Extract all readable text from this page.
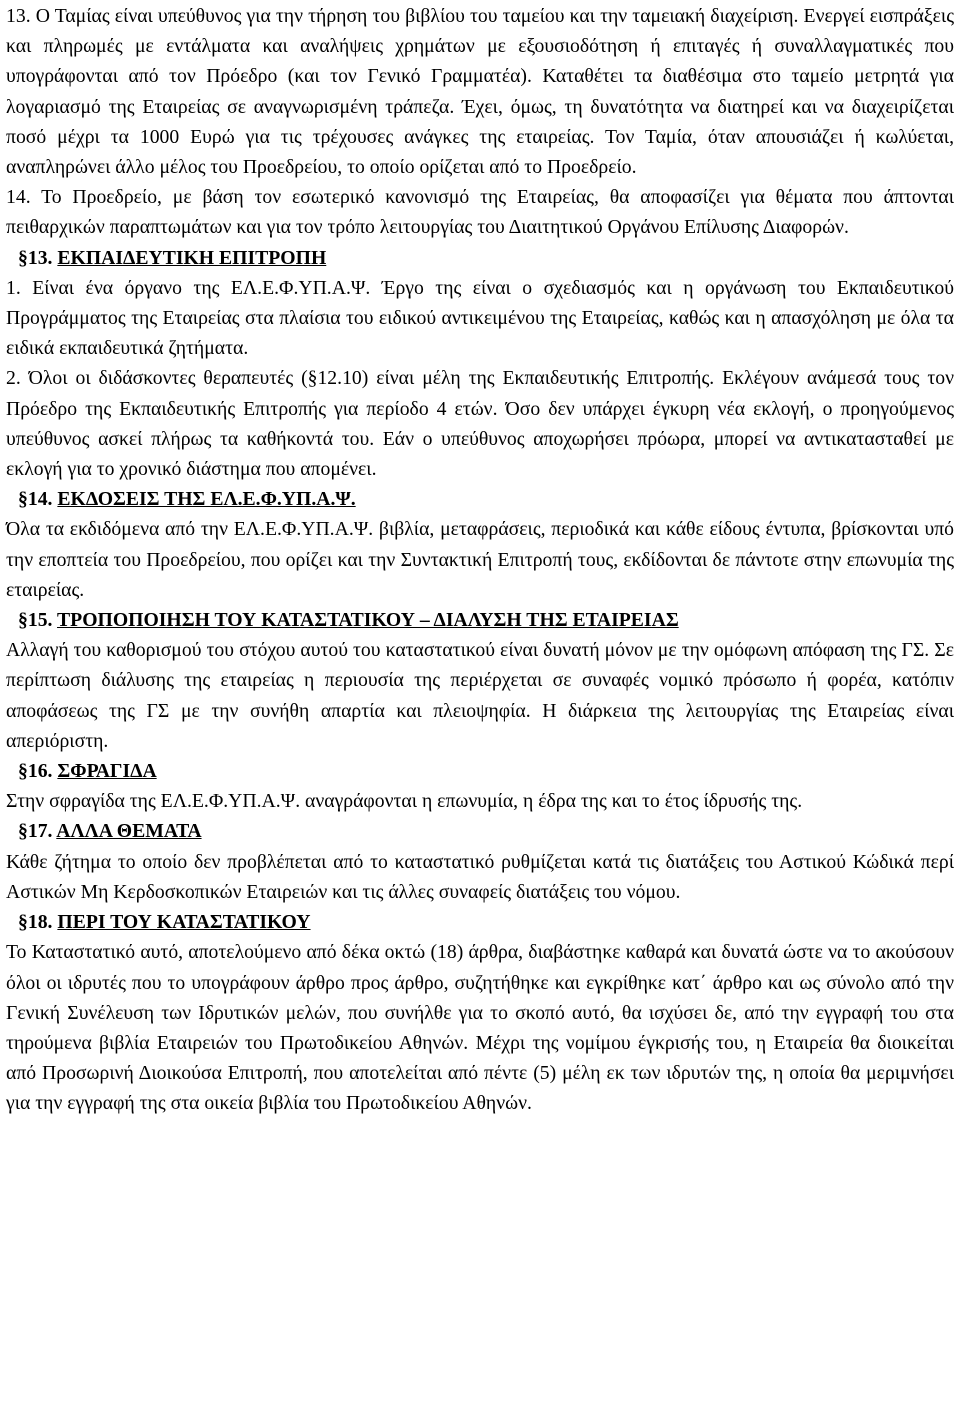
13. Ο Ταμίας είναι υπεύθυνος για την τήρηση του βιβλίου του ταμείου και την ταμειακή διαχείριση. Ενεργεί εισπράξεις και πληρωμές με εντάλματα και αναλήψεις χρημάτων με εξουσιοδότηση ή επιταγές ή συναλλαγματικές που υπογράφονται από τον Πρόεδρο (και τον Γενικό Γραμματέα). Καταθέτει τα διαθέσιμα στο ταμείο μετρητά για λογαριασμό της Εταιρείας σε αναγνωρισμένη τράπεζα. Έχει, όμως, τη δυνατότητα να διατηρεί και να διαχειρίζεται ποσό μέχρι τα 1000 Ευρώ για τις τρέχουσες ανάγκες της εταιρείας. Τον Ταμία, όταν απουσιάζει ή κωλύεται, αναπληρώνει άλλο μέλος του Προεδρείου, το οποίο ορίζεται από το Προεδρείο.

14. Το Προεδρείο, με βάση τον εσωτερικό κανονισμό της Εταιρείας, θα αποφασίζει για θέματα που άπτονται πειθαρχικών παραπτωμάτων και για τον τρόπο λειτουργίας του Διαιτητικού Οργάνου Επίλυσης Διαφορών.

§13. ΕΚΠΑΙΔΕΥΤΙΚΗ ΕΠΙΤΡΟΠΗ

1. Είναι ένα όργανο της ΕΛ.Ε.Φ.ΥΠ.Α.Ψ. Έργο της είναι ο σχεδιασμός και η οργάνωση του Εκπαιδευτικού Προγράμματος της Εταιρείας στα πλαίσια του ειδικού αντικειμένου της Εταιρείας, καθώς και η απασχόληση με όλα τα ειδικά εκπαιδευτικά ζητήματα.

2. Όλοι οι διδάσκοντες θεραπευτές (§12.10) είναι μέλη της Εκπαιδευτικής Επιτροπής. Εκλέγουν ανάμεσά τους τον Πρόεδρο της Εκπαιδευτικής Επιτροπής για περίοδο 4 ετών. Όσο δεν υπάρχει έγκυρη νέα εκλογή, ο προηγούμενος υπεύθυνος ασκεί πλήρως τα καθήκοντά του. Εάν ο υπεύθυνος αποχωρήσει πρόωρα, μπορεί να αντικατασταθεί με εκλογή για το χρονικό διάστημα που απομένει.

§14. ΕΚΔΟΣΕΙΣ ΤΗΣ ΕΛ.Ε.Φ.ΥΠ.Α.Ψ.

Όλα τα εκδιδόμενα από την ΕΛ.Ε.Φ.ΥΠ.Α.Ψ. βιβλία, μεταφράσεις, περιοδικά και κάθε είδους έντυπα, βρίσκονται υπό την εποπτεία του Προεδρείου, που ορίζει και την Συντακτική Επιτροπή τους, εκδίδονται δε πάντοτε στην επωνυμία της εταιρείας.

§15. ΤΡΟΠΟΠΟΙΗΣΗ ΤΟΥ ΚΑΤΑΣΤΑΤΙΚΟΥ – ΔΙΑΛΥΣΗ ΤΗΣ ΕΤΑΙΡΕΙΑΣ

Αλλαγή του καθορισμού του στόχου αυτού του καταστατικού είναι δυνατή μόνον με την ομόφωνη απόφαση της ΓΣ. Σε περίπτωση διάλυσης της εταιρείας η περιουσία της περιέρχεται σε συναφές νομικό πρόσωπο ή φορέα, κατόπιν αποφάσεως της ΓΣ με την συνήθη απαρτία και πλειοψηφία. Η διάρκεια της λειτουργίας της Εταιρείας είναι απεριόριστη.

§16. ΣΦΡΑΓΙΔΑ

Στην σφραγίδα της ΕΛ.Ε.Φ.ΥΠ.Α.Ψ. αναγράφονται η επωνυμία, η έδρα της και το έτος ίδρυσής της.

§17. ΑΛΛΑ ΘΕΜΑΤΑ

Κάθε ζήτημα το οποίο δεν προβλέπεται από το καταστατικό ρυθμίζεται κατά τις διατάξεις του Αστικού Κώδικά περί Αστικών Μη Κερδοσκοπικών Εταιρειών και τις άλλες συναφείς διατάξεις του νόμου.

§18. ΠΕΡΙ ΤΟΥ ΚΑΤΑΣΤΑΤΙΚΟΥ

Το Καταστατικό αυτό, αποτελούμενο από δέκα οκτώ (18) άρθρα, διαβάστηκε καθαρά και δυνατά ώστε να το ακούσουν όλοι οι ιδρυτές που το υπογράφουν άρθρο προς άρθρο, συζητήθηκε και εγκρίθηκε κατ΄ άρθρο και ως σύνολο από την Γενική Συνέλευση των Ιδρυτικών μελών, που συνήλθε για το σκοπό αυτό, θα ισχύσει δε, από την εγγραφή του στα τηρούμενα βιβλία Εταιρειών του Πρωτοδικείου Αθηνών. Μέχρι της νομίμου έγκρισής του, η Εταιρεία θα διοικείται από Προσωρινή Διοικούσα Επιτροπή, που αποτελείται από πέντε (5) μέλη εκ των ιδρυτών της, η οποία θα μεριμνήσει για την εγγραφή της στα οικεία βιβλία του Πρωτοδικείου Αθηνών.
